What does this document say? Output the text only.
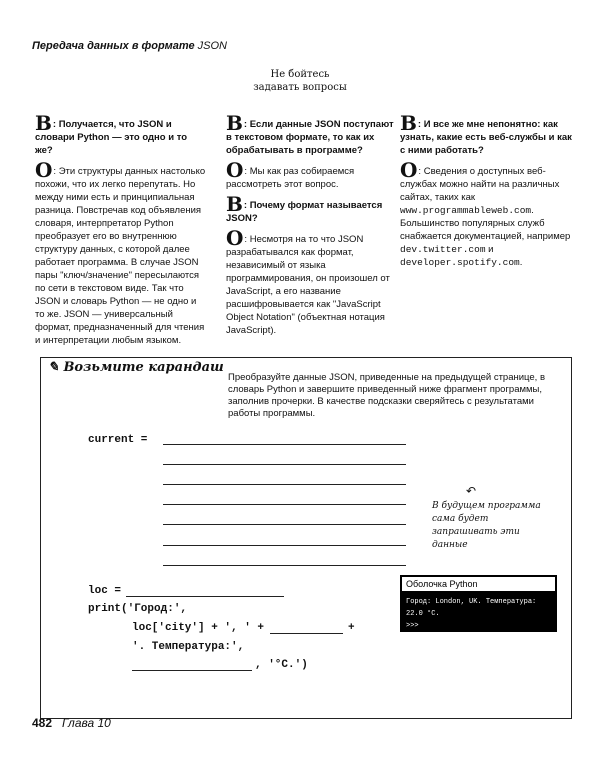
Передача данных в формате JSON
Не бойтесь
задавать вопросы
В: Получается, что JSON и словари Python — это одно и то же?
О: Эти структуры данных настолько похожи, что их легко перепутать. Но между ними есть и принципиальная разница. Повстречав код объявления словаря, интерпретатор Python преобразует его во внутреннюю структуру данных, с которой далее работает программа. В случае JSON пары "ключ/значение" пересылаются по сети в текстовом виде. Так что JSON и словарь Python — не одно и то же. JSON — универсальный формат, предназначенный для чтения и интерпретации любым языком.
В: Если данные JSON поступают в текстовом формате, то как их обрабатывать в программе?
О: Мы как раз собираемся рассмотреть этот вопрос.
В: Почему формат называется JSON?
О: Несмотря на то что JSON разрабатывался как формат, независимый от языка программирования, он произошел от JavaScript, а его название расшифровывается как "JavaScript Object Notation" (объектная нотация JavaScript).
В: И все же мне непонятно: как узнать, какие есть веб-службы и как с ними работать?
О: Сведения о доступных веб-службах можно найти на различных сайтах, таких как www.programmableweb.com. Большинство популярных служб снабжается документацией, например dev.twitter.com и developer.spotify.com.
✎ Возьмите карандаш
Преобразуйте данные JSON, приведенные на предыдущей странице, в словарь Python и завершите приведенный ниже фрагмент программы, заполнив прочерки. В качестве подсказки сверяйтесь с результатами работы программы.
current =
↶
В будущем программа сама будет запрашивать эти данные
loc =
print('Город:',
loc['city'] + ', ' +	+
'. Температура:',
, '°C.')
Оболочка Python
Город: London, UK. Температура: 22.0 °C.
>>>
482 Глава 10
